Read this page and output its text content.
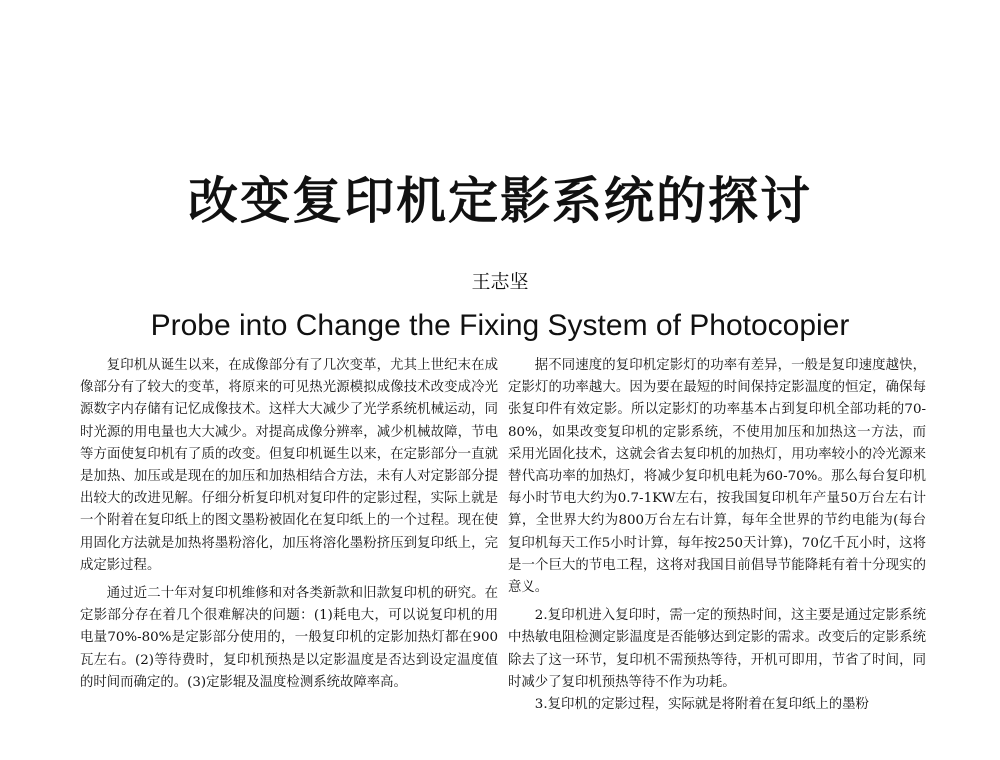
改变复印机定影系统的探讨
王志坚
Probe into Change the Fixing System of Photocopier

复印机从诞生以来，在成像部分有了几次变革，尤其上世纪末在成像部分有了较大的变革，将原来的可见热光源模拟成像技术改变成冷光源数字内存储有记忆成像技术。这样大大减少了光学系统机械运动，同时光源的用电量也大大减少。对提高成像分辨率，减少机械故障，节电等方面使复印机有了质的改变。但复印机诞生以来，在定影部分一直就是加热、加压或是现在的加压和加热相结合方法，未有人对定影部分提出较大的改进见解。仔细分析复印机对复印件的定影过程，实际上就是一个附着在复印纸上的图文墨粉被固化在复印纸上的一个过程。现在使用固化方法就是加热将墨粉溶化，加压将溶化墨粉挤压到复印纸上，完成定影过程。

通过近二十年对复印机维修和对各类新款和旧款复印机的研究。在定影部分存在着几个很难解决的问题：(1)耗电大，可以说复印机的用电量70%-80%是定影部分使用的，一般复印机的定影加热灯都在900瓦左右。(2)等待费时，复印机预热是以定影温度是否达到设定温度值的时间而确定的。(3)定影辊及温度检测系统故障率高。

据不同速度的复印机定影灯的功率有差异，一般是复印速度越快，定影灯的功率越大。因为要在最短的时间保持定影温度的恒定，确保每张复印件有效定影。所以定影灯的功率基本占到复印机全部功耗的70-80%，如果改变复印机的定影系统，不使用加压和加热这一方法，而采用光固化技术，这就会省去复印机的加热灯，用功率较小的冷光源来替代高功率的加热灯，将减少复印机电耗为60-70%。那么每台复印机每小时节电大约为0.7-1KW左右，按我国复印机年产量50万台左右计算，全世界大约为800万台左右计算，每年全世界的节约电能为(每台复印机每天工作5小时计算，每年按250天计算)，70亿千瓦小时，这将是一个巨大的节电工程，这将对我国目前倡导节能降耗有着十分现实的意义。

2.复印机进入复印时，需一定的预热时间，这主要是通过定影系统中热敏电阻检测定影温度是否能够达到定影的需求。改变后的定影系统除去了这一环节，复印机不需预热等待，开机可即用，节省了时间，同时减少了复印机预热等待不作为功耗。

3.复印机的定影过程，实际就是将附着在复印纸上的墨粉
